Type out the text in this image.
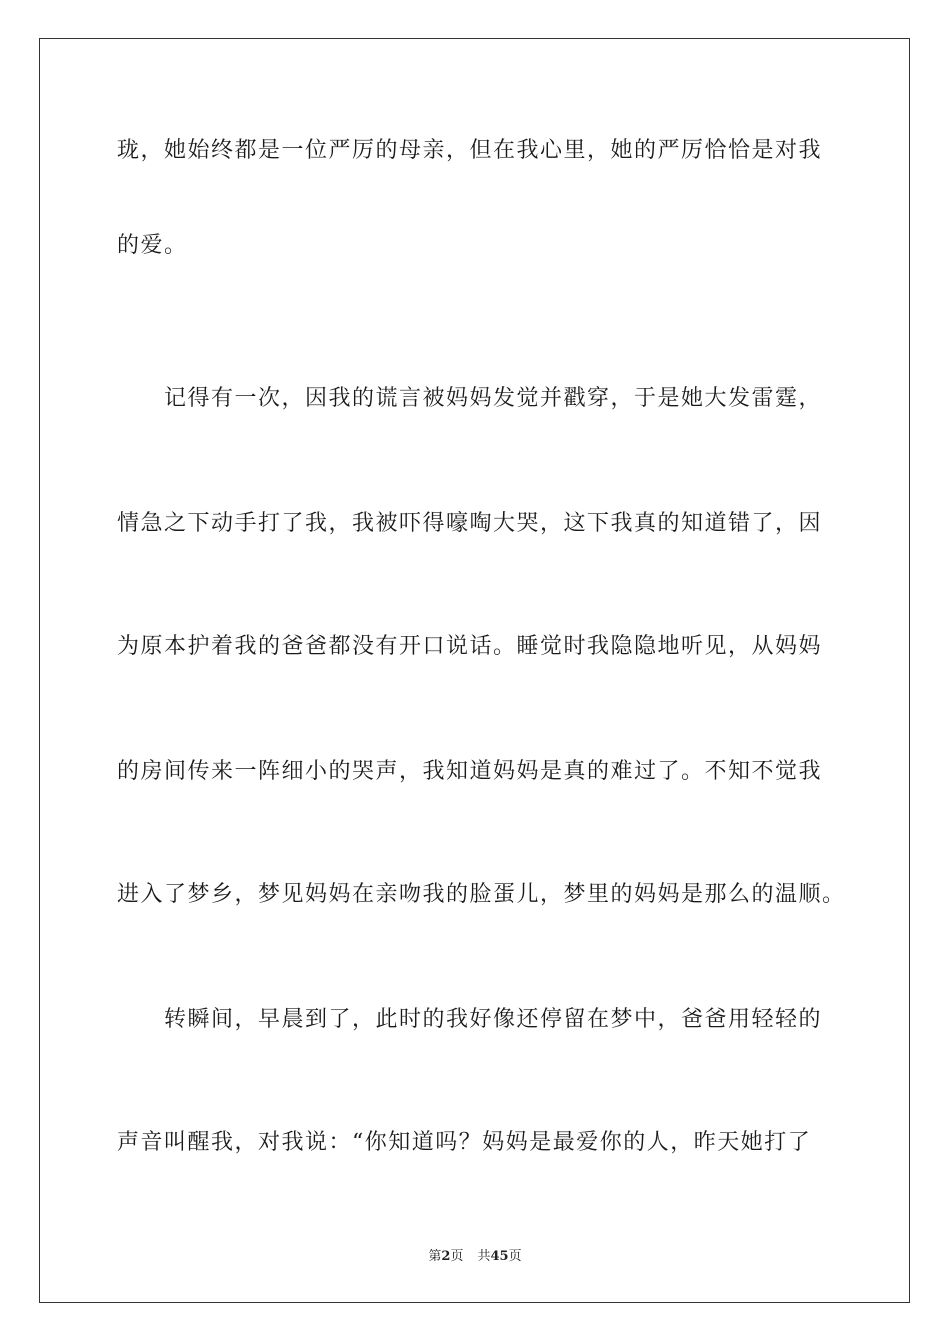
珑，她始终都是一位严厉的母亲，但在我心里，她的严厉恰恰是对我
的爱。
　　记得有一次，因我的谎言被妈妈发觉并戳穿，于是她大发雷霆，
情急之下动手打了我，我被吓得嚎啕大哭，这下我真的知道错了，因
为原本护着我的爸爸都没有开口说话。睡觉时我隐隐地听见，从妈妈
的房间传来一阵细小的哭声，我知道妈妈是真的难过了。不知不觉我
进入了梦乡，梦见妈妈在亲吻我的脸蛋儿，梦里的妈妈是那么的温顺。
　　转瞬间，早晨到了，此时的我好像还停留在梦中，爸爸用轻轻的
声音叫醒我，对我说：“你知道吗？妈妈是最爱你的人，昨天她打了
第2页 共45页
